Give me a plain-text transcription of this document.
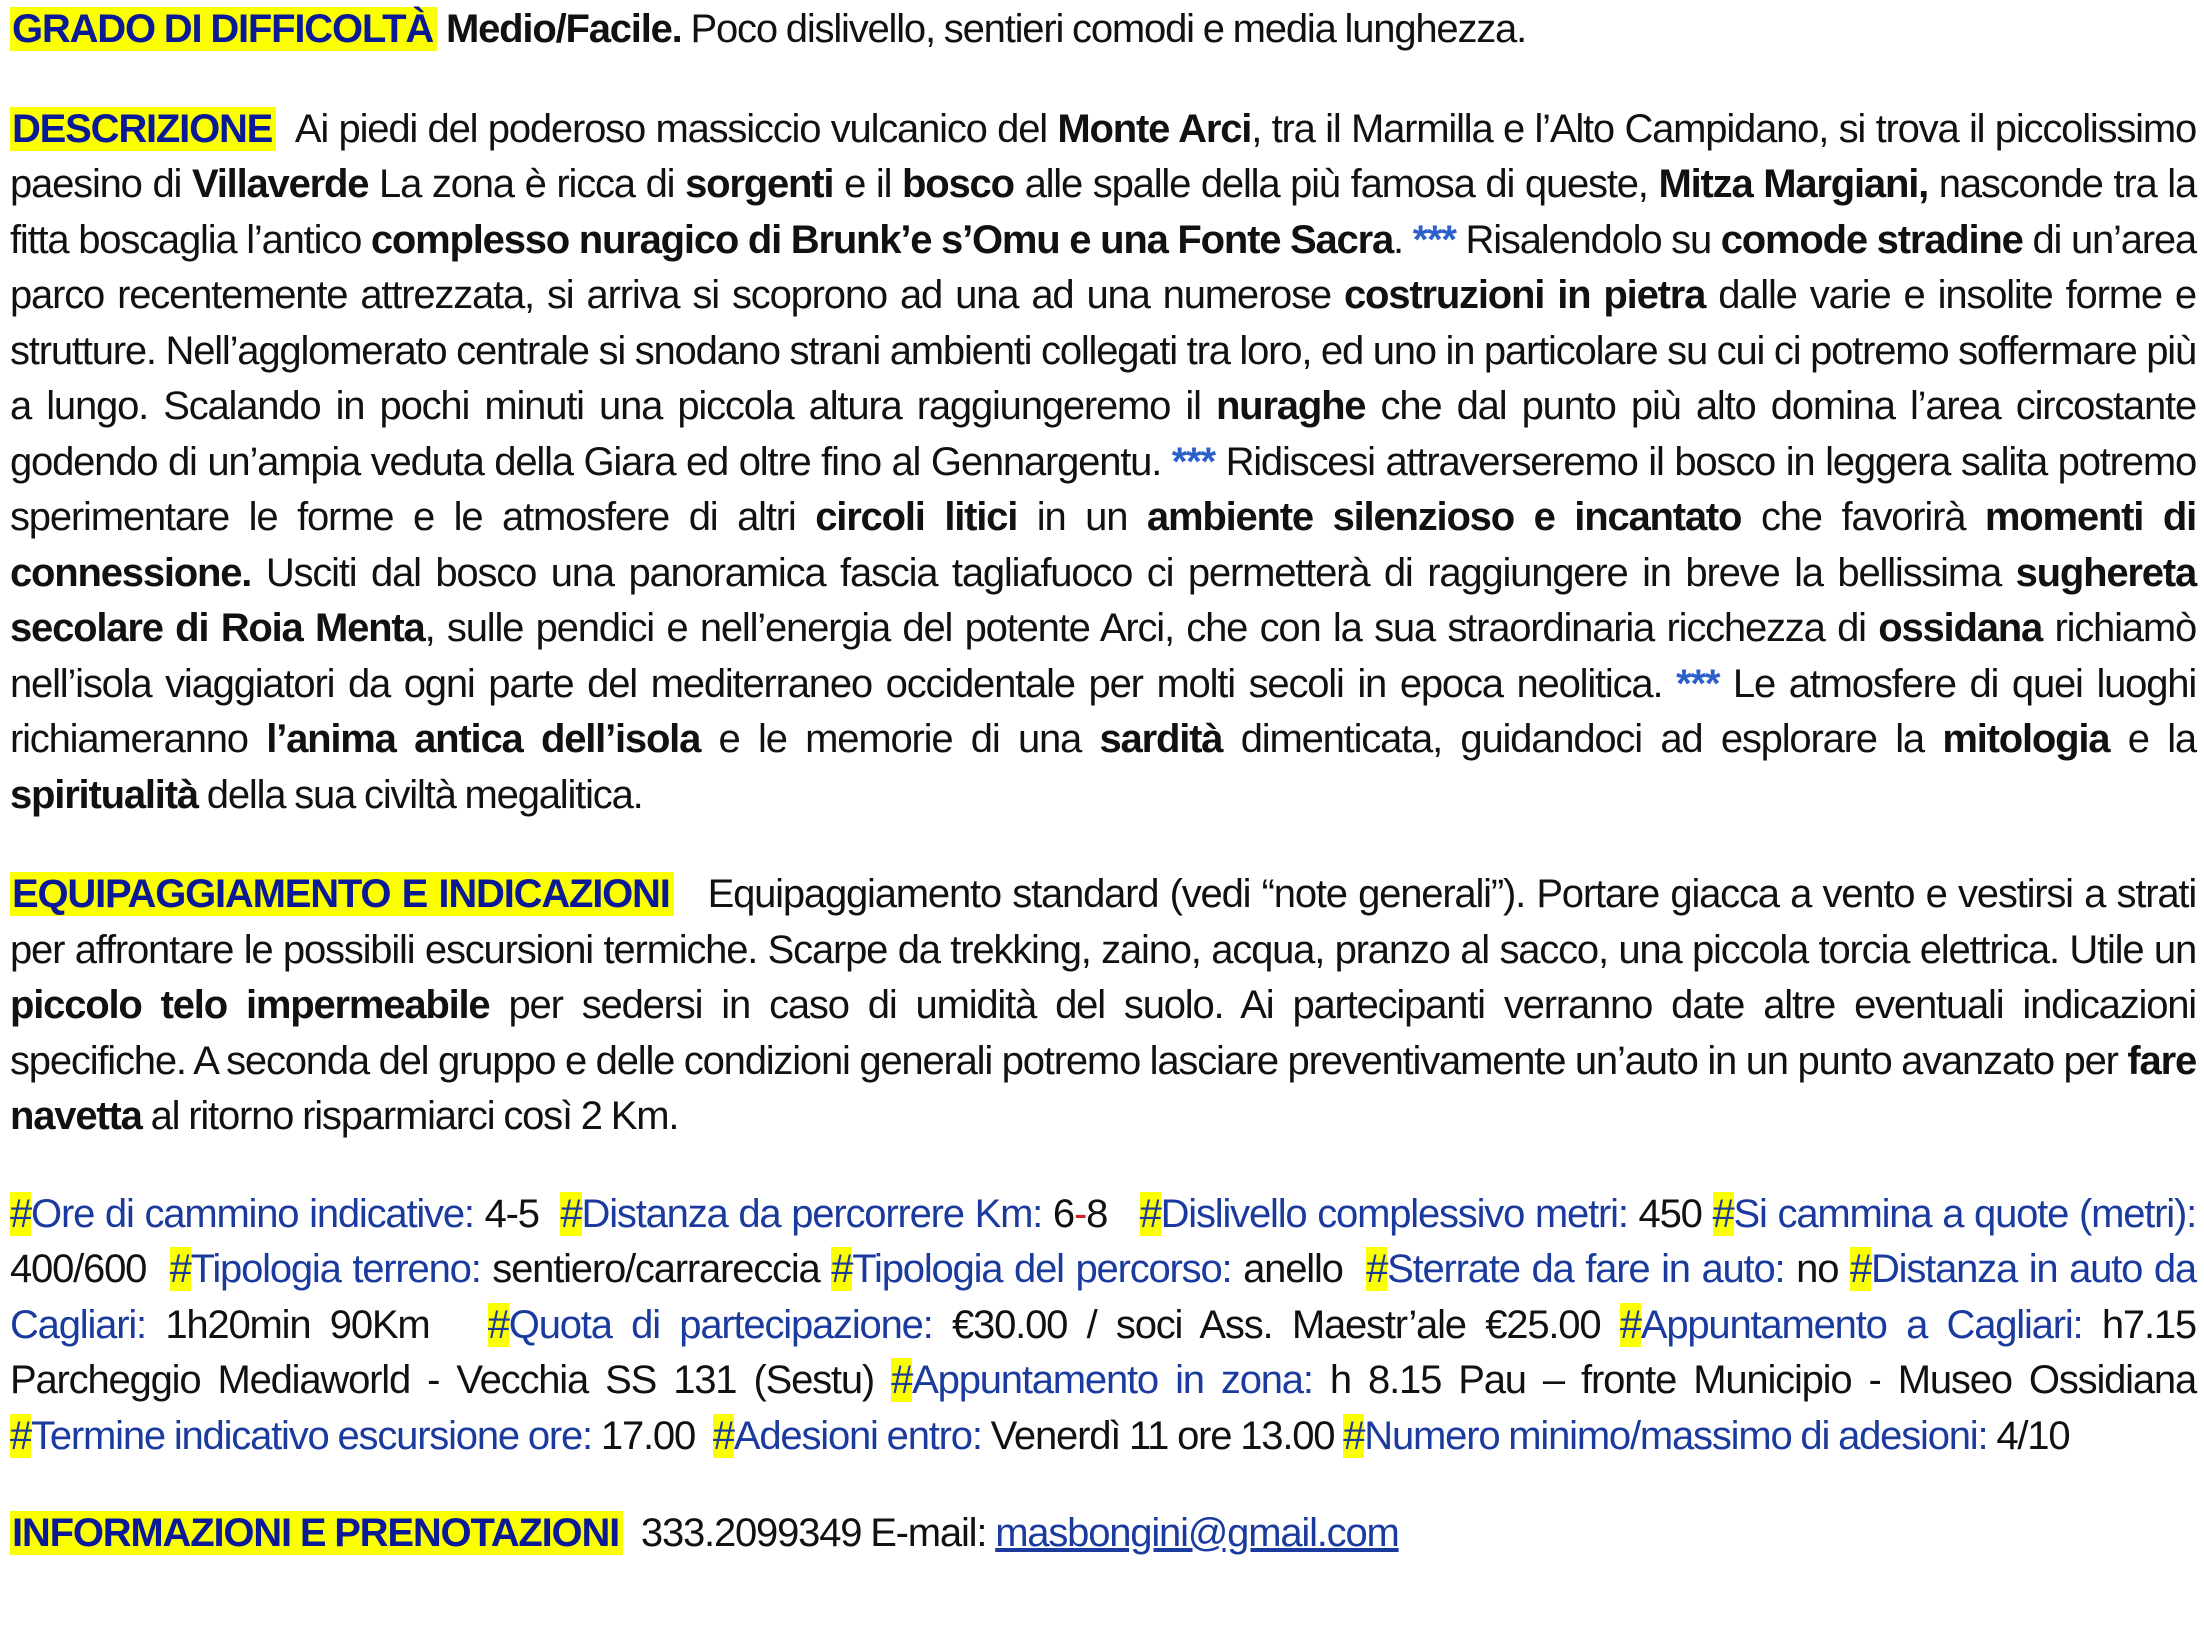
GRADO DI DIFFICOLTÀ Medio/Facile. Poco dislivello, sentieri comodi e media lunghezza.

DESCRIZIONE Ai piedi del poderoso massiccio vulcanico del Monte Arci, tra il Marmilla e l’Alto Campidano, si trova il piccolissimo paesino di Villaverde La zona è ricca di sorgenti e il bosco alle spalle della più famosa di queste, Mitza Margiani, nasconde tra la fitta boscaglia l’antico complesso nuragico di Brunk’e s’Omu e una Fonte Sacra. *** Risalendolo su comode stradine di un’area parco recentemente attrezzata, si arriva si scoprono ad una ad una numerose costruzioni in pietra dalle varie e insolite forme e strutture. Nell’agglomerato centrale si snodano strani ambienti collegati tra loro, ed uno in particolare su cui ci potremo soffermare più a lungo. Scalando in pochi minuti una piccola altura raggiungeremo il nuraghe che dal punto più alto domina l’area circostante godendo di un’ampia veduta della Giara ed oltre fino al Gennargentu. *** Ridiscesi attraverseremo il bosco in leggera salita potremo sperimentare le forme e le atmosfere di altri circoli litici in un ambiente silenzioso e incantato che favorirà momenti di connessione. Usciti dal bosco una panoramica fascia tagliafuoco ci permetterà di raggiungere in breve la bellissima sughereta secolare di Roia Menta, sulle pendici e nell’energia del potente Arci, che con la sua straordinaria ricchezza di ossidana richiamò nell’isola viaggiatori da ogni parte del mediterraneo occidentale per molti secoli in epoca neolitica. *** Le atmosfere di quei luoghi richiameranno l’anima antica dell’isola e le memorie di una sardità dimenticata, guidandoci ad esplorare la mitologia e la spiritualità della sua civiltà megalitica.

EQUIPAGGIAMENTO E INDICAZIONI Equipaggiamento standard (vedi “note generali”). Portare giacca a vento e vestirsi a strati per affrontare le possibili escursioni termiche. Scarpe da trekking, zaino, acqua, pranzo al sacco, una piccola torcia elettrica. Utile un piccolo telo impermeabile per sedersi in caso di umidità del suolo. Ai partecipanti verranno date altre eventuali indicazioni specifiche. A seconda del gruppo e delle condizioni generali potremo lasciare preventivamente un’auto in un punto avanzato per fare navetta al ritorno risparmiarci così 2 Km.

#Ore di cammino indicative: 4-5 #Distanza da percorrere Km: 6-8 #Dislivello complessivo metri: 450 #Si cammina a quote (metri): 400/600 #Tipologia terreno: sentiero/carrareccia #Tipologia del percorso: anello #Sterrate da fare in auto: no #Distanza in auto da Cagliari: 1h20min 90Km #Quota di partecipazione: €30.00 / soci Ass. Maestr’ale €25.00 #Appuntamento a Cagliari: h7.15 Parcheggio Mediaworld - Vecchia SS 131 (Sestu) #Appuntamento in zona: h 8.15 Pau – fronte Municipio - Museo Ossidiana #Termine indicativo escursione ore: 17.00 #Adesioni entro: Venerdì 11 ore 13.00 #Numero minimo/massimo di adesioni: 4/10

INFORMAZIONI E PRENOTAZIONI 333.2099349 E-mail: masbongini@gmail.com
